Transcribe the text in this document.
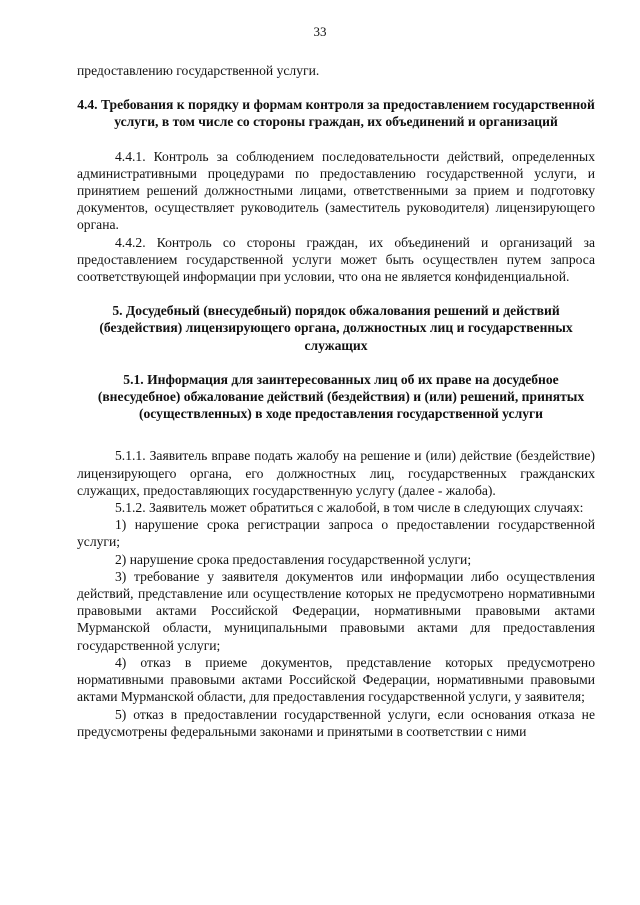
33

предоставлению государственной услуги.

4.4. Требования к порядку и формам контроля за предоставлением государственной услуги, в том числе со стороны граждан, их объединений и организаций

4.4.1. Контроль за соблюдением последовательности действий, определенных административными процедурами по предоставлению государственной услуги, и принятием решений должностными лицами, ответственными за прием и подготовку документов, осуществляет руководитель (заместитель руководителя) лицензирующего органа.

4.4.2. Контроль со стороны граждан, их объединений и организаций за предоставлением государственной услуги может быть осуществлен путем запроса соответствующей информации при условии, что она не является конфиденциальной.

5. Досудебный (внесудебный) порядок обжалования решений и действий (бездействия) лицензирующего органа, должностных лиц и государственных служащих

5.1. Информация для заинтересованных лиц об их праве на досудебное (внесудебное) обжалование действий (бездействия) и (или) решений, принятых (осуществленных) в ходе предоставления государственной услуги

5.1.1. Заявитель вправе подать жалобу на решение и (или) действие (бездействие) лицензирующего органа, его должностных лиц, государственных гражданских служащих, предоставляющих государственную услугу (далее - жалоба).

5.1.2. Заявитель может обратиться с жалобой, в том числе в следующих случаях:

1) нарушение срока регистрации запроса о предоставлении государственной услуги;

2) нарушение срока предоставления государственной услуги;

3) требование у заявителя документов или информации либо осуществления действий, представление или осуществление которых не предусмотрено нормативными правовыми актами Российской Федерации, нормативными правовыми актами Мурманской области, муниципальными правовыми актами для предоставления государственной услуги;

4) отказ в приеме документов, представление которых предусмотрено нормативными правовыми актами Российской Федерации, нормативными правовыми актами Мурманской области, для предоставления государственной услуги, у заявителя;

5) отказ в предоставлении государственной услуги, если основания отказа не предусмотрены федеральными законами и принятыми в соответствии с ними
